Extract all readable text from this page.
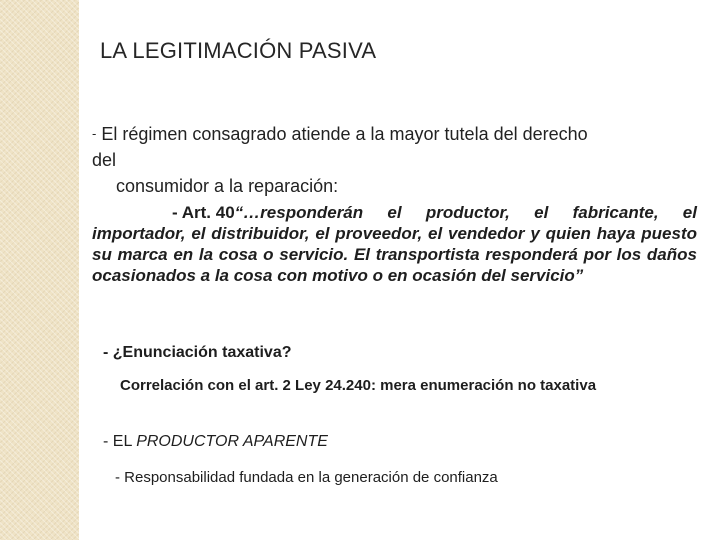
LA LEGITIMACIÓN PASIVA
- El régimen consagrado atiende a la mayor tutela del derecho
del
consumidor a la reparación:
- Art. 40“…responderán el productor, el fabricante, el importador, el distribuidor, el proveedor, el vendedor y quien haya puesto su marca en la cosa o servicio. El transportista responderá por los daños ocasionados a la cosa con motivo o en ocasión del servicio”
- ¿Enunciación taxativa?
Correlación con el art. 2 Ley 24.240: mera enumeración no taxativa
- EL PRODUCTOR APARENTE
- Responsabilidad fundada en la generación de confianza
